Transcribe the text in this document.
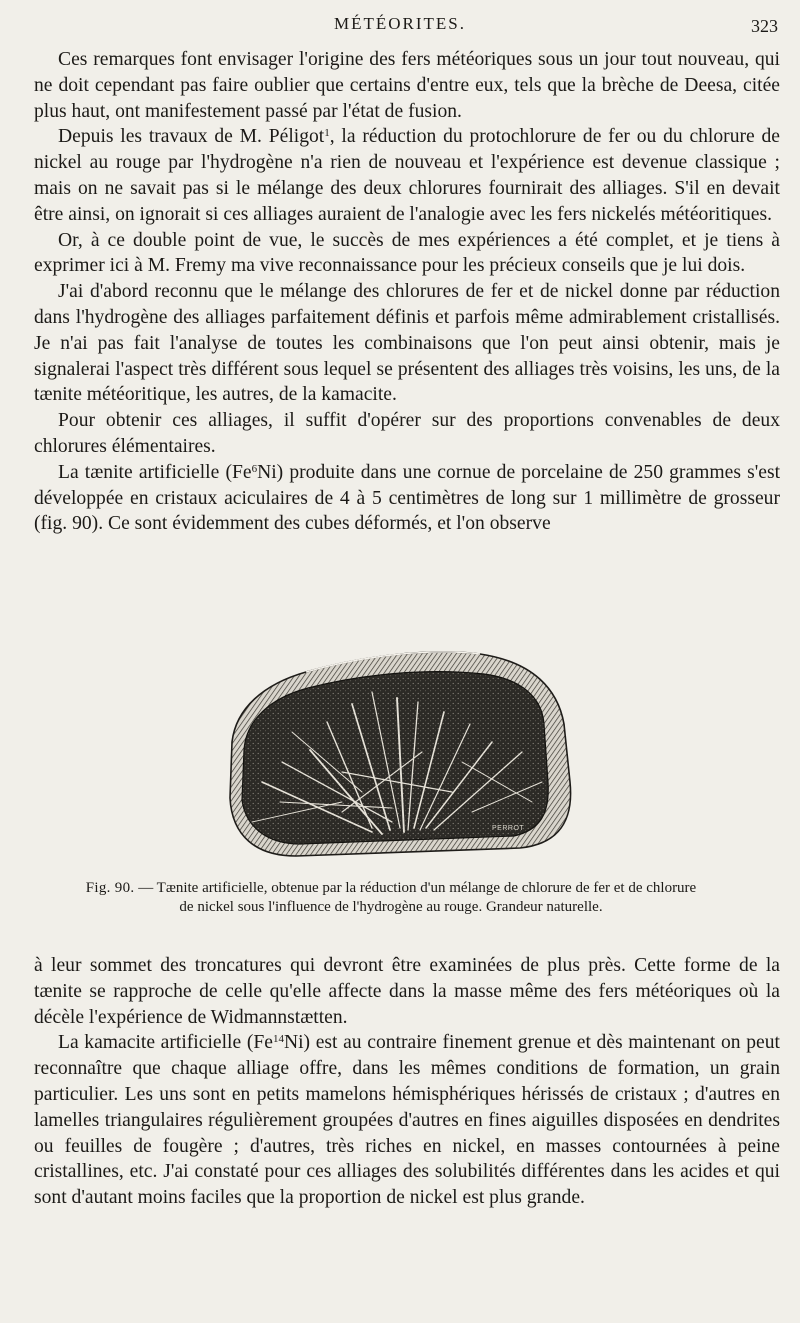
MÉTÉORITES.	323

Ces remarques font envisager l'origine des fers météoriques sous un jour tout nouveau, qui ne doit cependant pas faire oublier que certains d'entre eux, tels que la brèche de Deesa, citée plus haut, ont manifestement passé par l'état de fusion.

Depuis les travaux de M. Péligot$^1$, la réduction du protochlorure de fer ou du chlorure de nickel au rouge par l'hydrogène n'a rien de nouveau et l'expérience est devenue classique ; mais on ne savait pas si le mélange des deux chlorures fournirait des alliages. S'il en devait être ainsi, on ignorait si ces alliages auraient de l'analogie avec les fers nickelés météoritiques.

Or, à ce double point de vue, le succès de mes expériences a été complet, et je tiens à exprimer ici à M. Fremy ma vive reconnaissance pour les précieux conseils que je lui dois.

J'ai d'abord reconnu que le mélange des chlorures de fer et de nickel donne par réduction dans l'hydrogène des alliages parfaitement définis et parfois même admirablement cristallisés. Je n'ai pas fait l'analyse de toutes les combinaisons que l'on peut ainsi obtenir, mais je signalerai l'aspect très différent sous lequel se présentent des alliages très voisins, les uns, de la tænite météoritique, les autres, de la kamacite.

Pour obtenir ces alliages, il suffit d'opérer sur des proportions convenables de deux chlorures élémentaires.

La tænite artificielle (Fe$^6$Ni) produite dans une cornue de porcelaine de 250 grammes s'est développée en cristaux aciculaires de 4 à 5 centimètres de long sur 1 millimètre de grosseur (fig. 90). Ce sont évidemment des cubes déformés, et l'on observe

PERROT
Fig. 90. — Tænite artificielle, obtenue par la réduction d'un mélange de chlorure de fer et de chlorure de nickel sous l'influence de l'hydrogène au rouge. Grandeur naturelle.

à leur sommet des troncatures qui devront être examinées de plus près. Cette forme de la tænite se rapproche de celle qu'elle affecte dans la masse même des fers météoriques où la décèle l'expérience de Widmannstætten.

La kamacite artificielle (Fe$^{14}$Ni) est au contraire finement grenue et dès maintenant on peut reconnaître que chaque alliage offre, dans les mêmes conditions de formation, un grain particulier. Les uns sont en petits mamelons hémisphériques hérissés de cristaux ; d'autres en lamelles triangulaires régulièrement groupées d'autres en fines aiguilles disposées en dendrites ou feuilles de fougère ; d'autres, très riches en nickel, en masses contournées à peine cristallines, etc. J'ai constaté pour ces alliages des solubilités différentes dans les acides et qui sont d'autant moins faciles que la proportion de nickel est plus grande.
